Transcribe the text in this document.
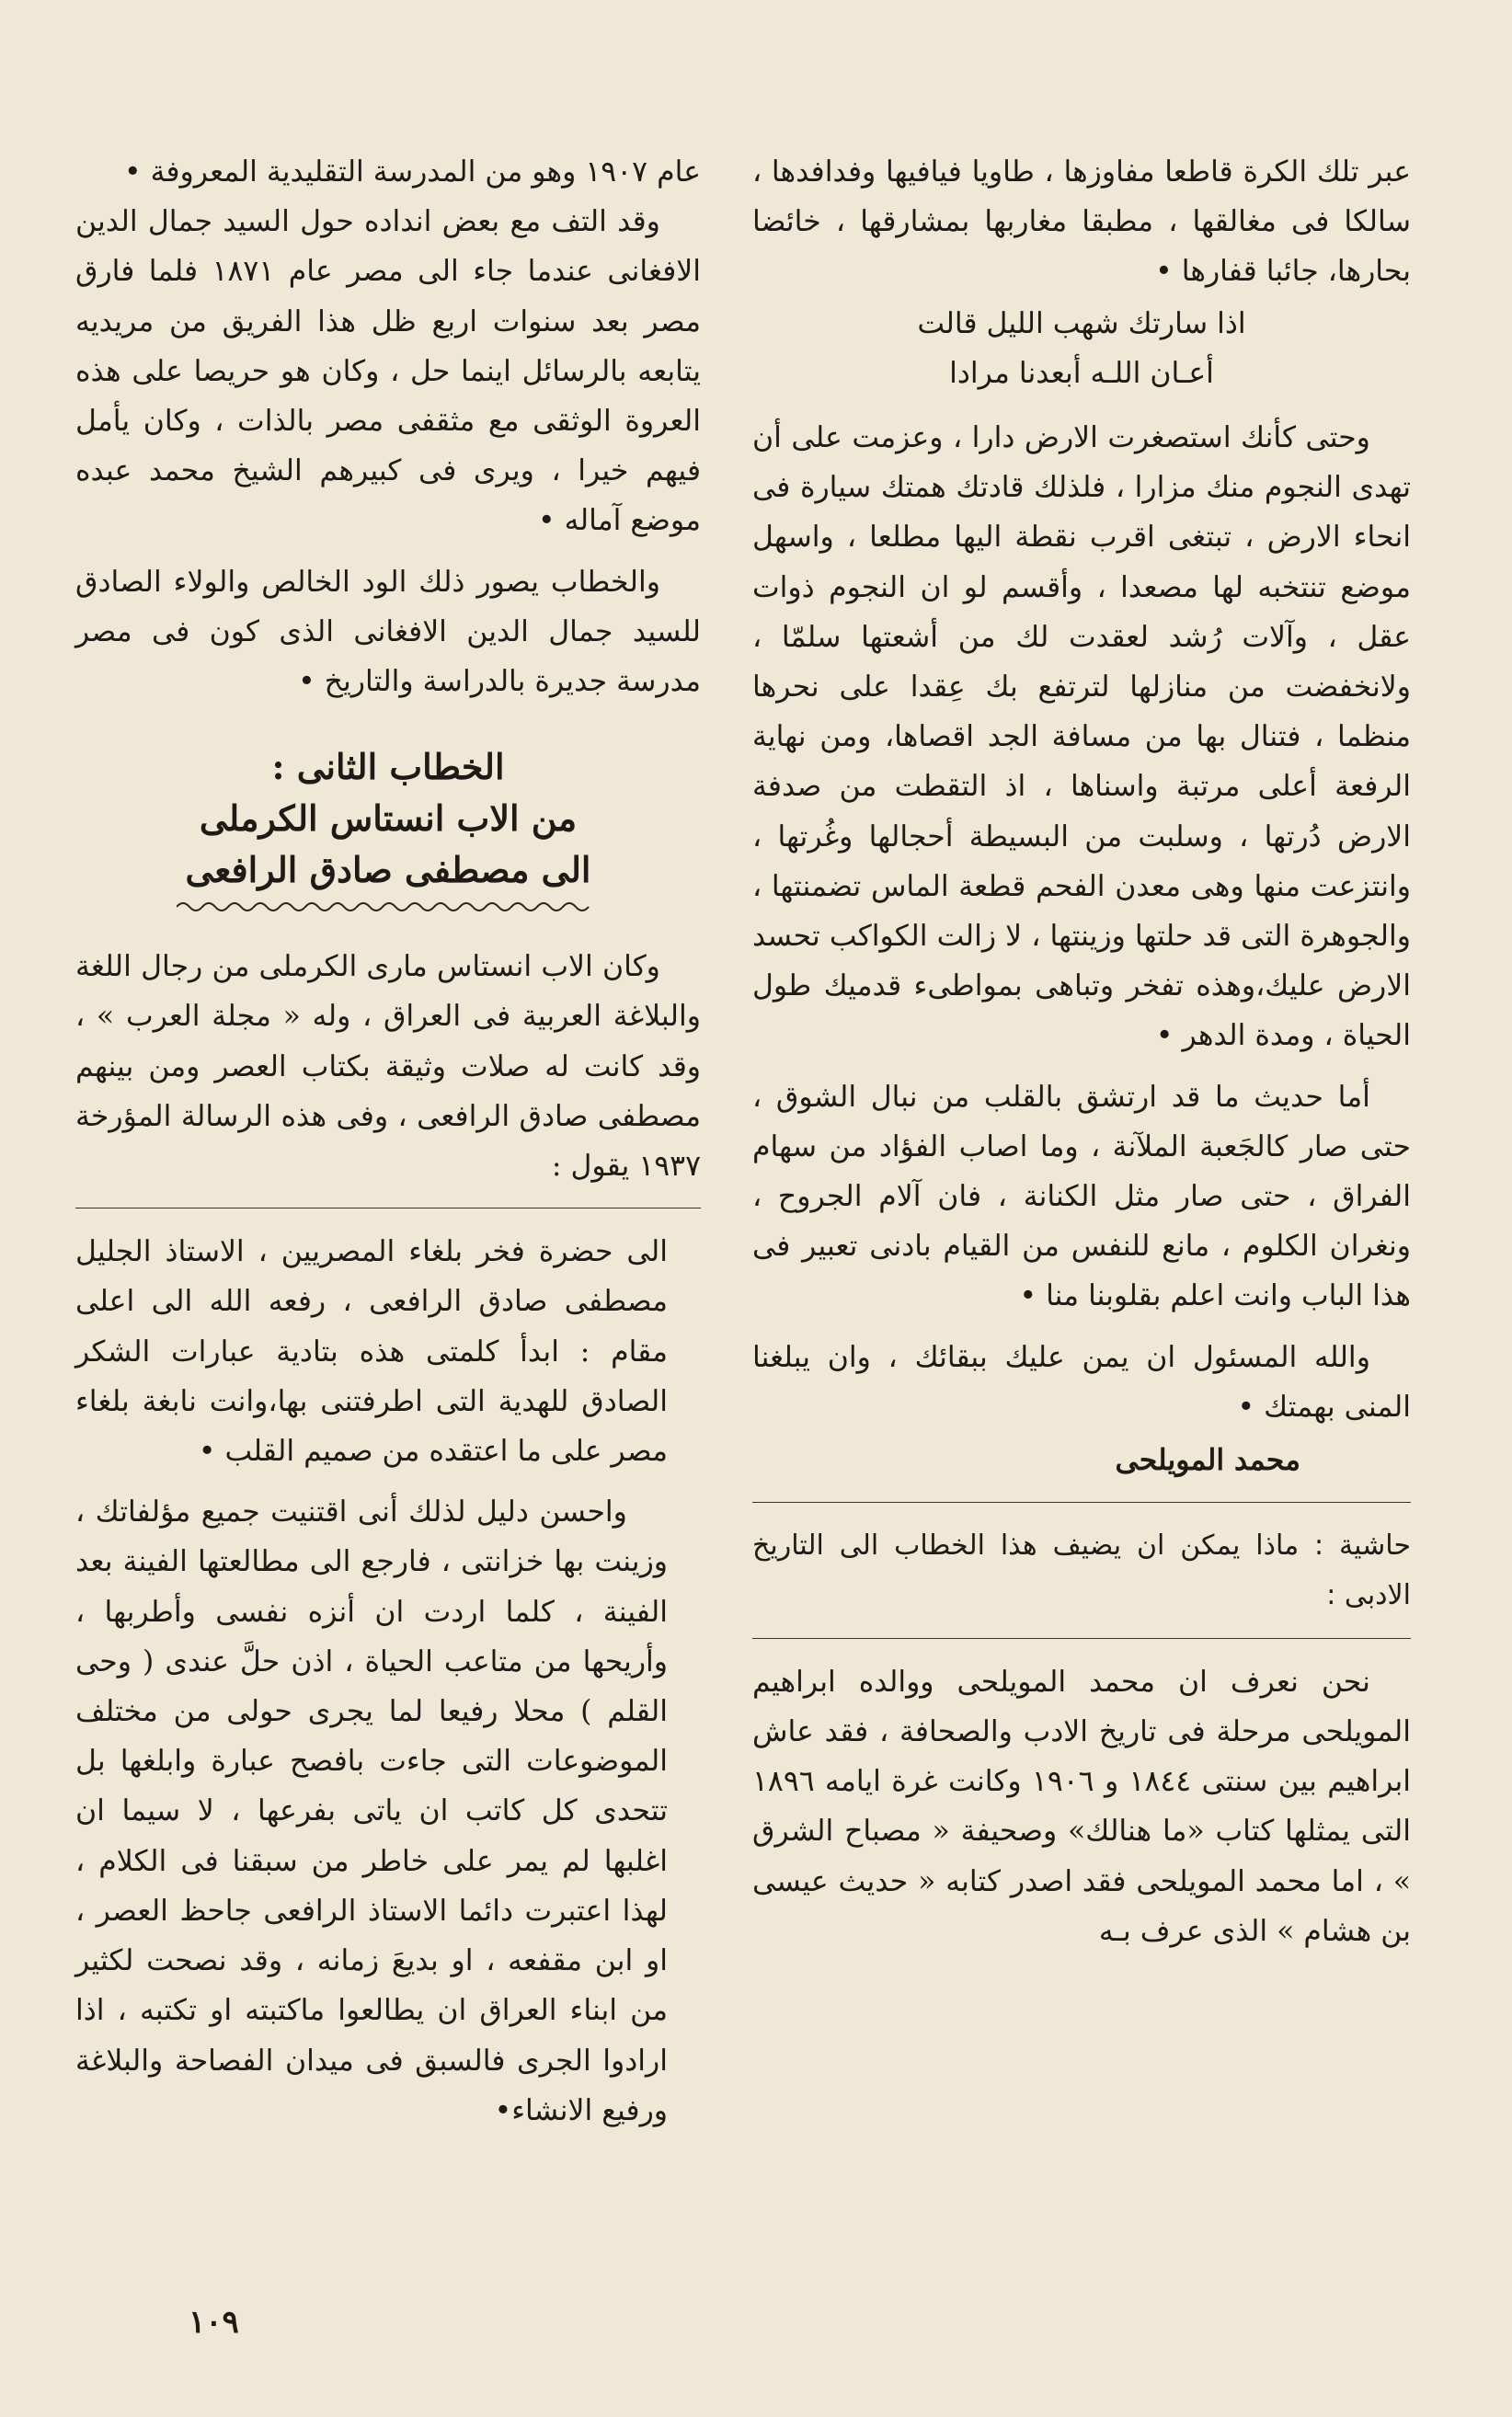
عبر تلك الكرة قاطعا مفاوزها ، طاويا فيافيها وفدافدها ، سالكا فى مغالقها ، مطبقا مغاربها بمشارقها ، خائضا بحارها، جائبا قفارها •

اذا سارتك شهب الليل قالت
أعـان اللـه أبعدنا مرادا

وحتى كأنك استصغرت الارض دارا ، وعزمت على أن تهدى النجوم منك مزارا ، فلذلك قادتك همتك سيارة فى انحاء الارض ، تبتغى اقرب نقطة اليها مطلعا ، واسهل موضع تنتخبه لها مصعدا ، وأقسم لو ان النجوم ذوات عقل ، وآلات رُشد لعقدت لك من أشعتها سلمّا ، ولانخفضت من منازلها لترتفع بك عِقدا على نحرها منظما ، فتنال بها من مسافة الجد اقصاها، ومن نهاية الرفعة أعلى مرتبة واسناها ، اذ التقطت من صدفة الارض دُرتها ، وسلبت من البسيطة أحجالها وغُرتها ، وانتزعت منها وهى معدن الفحم قطعة الماس تضمنتها ، والجوهرة التى قد حلتها وزينتها ، لا زالت الكواكب تحسد الارض عليك،وهذه تفخر وتباهى بمواطىء قدميك طول الحياة ، ومدة الدهر •

أما حديث ما قد ارتشق بالقلب من نبال الشوق ، حتى صار كالجَعبة الملآنة ، وما اصاب الفؤاد من سهام الفراق ، حتى صار مثل الكنانة ، فان آلام الجروح ، ونغران الكلوم ، مانع للنفس من القيام بادنى تعبير فى هذا الباب وانت اعلم بقلوبنا منا •

والله المسئول ان يمن عليك ببقائك ، وان يبلغنا المنى بهمتك •

محمد المويلحى

حاشية : ماذا يمكن ان يضيف هذا الخطاب الى التاريخ الادبى :

نحن نعرف ان محمد المويلحى ووالده ابراهيم المويلحى مرحلة فى تاريخ الادب والصحافة ، فقد عاش ابراهيم بين سنتى ١٨٤٤ و ١٩٠٦ وكانت غرة ايامه ١٨٩٦ التى يمثلها كتاب «ما هنالك» وصحيفة « مصباح الشرق » ، اما محمد المويلحى فقد اصدر كتابه « حديث عيسى بن هشام » الذى عرف بـه

عام ١٩٠٧ وهو من المدرسة التقليدية المعروفة •

وقد التف مع بعض انداده حول السيد جمال الدين الافغانى عندما جاء الى مصر عام ١٨٧١ فلما فارق مصر بعد سنوات اربع ظل هذا الفريق من مريديه يتابعه بالرسائل اينما حل ، وكان هو حريصا على هذه العروة الوثقى مع مثقفى مصر بالذات ، وكان يأمل فيهم خيرا ، ويرى فى كبيرهم الشيخ محمد عبده موضع آماله •

والخطاب يصور ذلك الود الخالص والولاء الصادق للسيد جمال الدين الافغانى الذى كون فى مصر مدرسة جديرة بالدراسة والتاريخ •

الخطاب الثانى :
من الاب انستاس الكرملى
الى مصطفى صادق الرافعى

وكان الاب انستاس مارى الكرملى من رجال اللغة والبلاغة العربية فى العراق ، وله « مجلة العرب » ، وقد كانت له صلات وثيقة بكتاب العصر ومن بينهم مصطفى صادق الرافعى ، وفى هذه الرسالة المؤرخة ١٩٣٧ يقول :

الى حضرة فخر بلغاء المصريين ، الاستاذ الجليل مصطفى صادق الرافعى ، رفعه الله الى اعلى مقام : ابدأ كلمتى هذه بتادية عبارات الشكر الصادق للهدية التى اطرفتنى بها،وانت نابغة بلغاء مصر على ما اعتقده من صميم القلب •

واحسن دليل لذلك أنى اقتنيت جميع مؤلفاتك ، وزينت بها خزانتى ، فارجع الى مطالعتها الفينة بعد الفينة ، كلما اردت ان أنزه نفسى وأطربها ، وأريحها من متاعب الحياة ، اذن حلَّ عندى ( وحى القلم ) محلا رفيعا لما يجرى حولى من مختلف الموضوعات التى جاءت بافصح عبارة وابلغها بل تتحدى كل كاتب ان ياتى بفرعها ، لا سيما ان اغلبها لم يمر على خاطر من سبقنا فى الكلام ، لهذا اعتبرت دائما الاستاذ الرافعى جاحظ العصر ، او ابن مقفعه ، او بديعَ زمانه ، وقد نصحت لكثير من ابناء العراق ان يطالعوا ماكتبته او تكتبه ، اذا ارادوا الجرى فالسبق فى ميدان الفصاحة والبلاغة ورفيع الانشاء•

١٠٩
